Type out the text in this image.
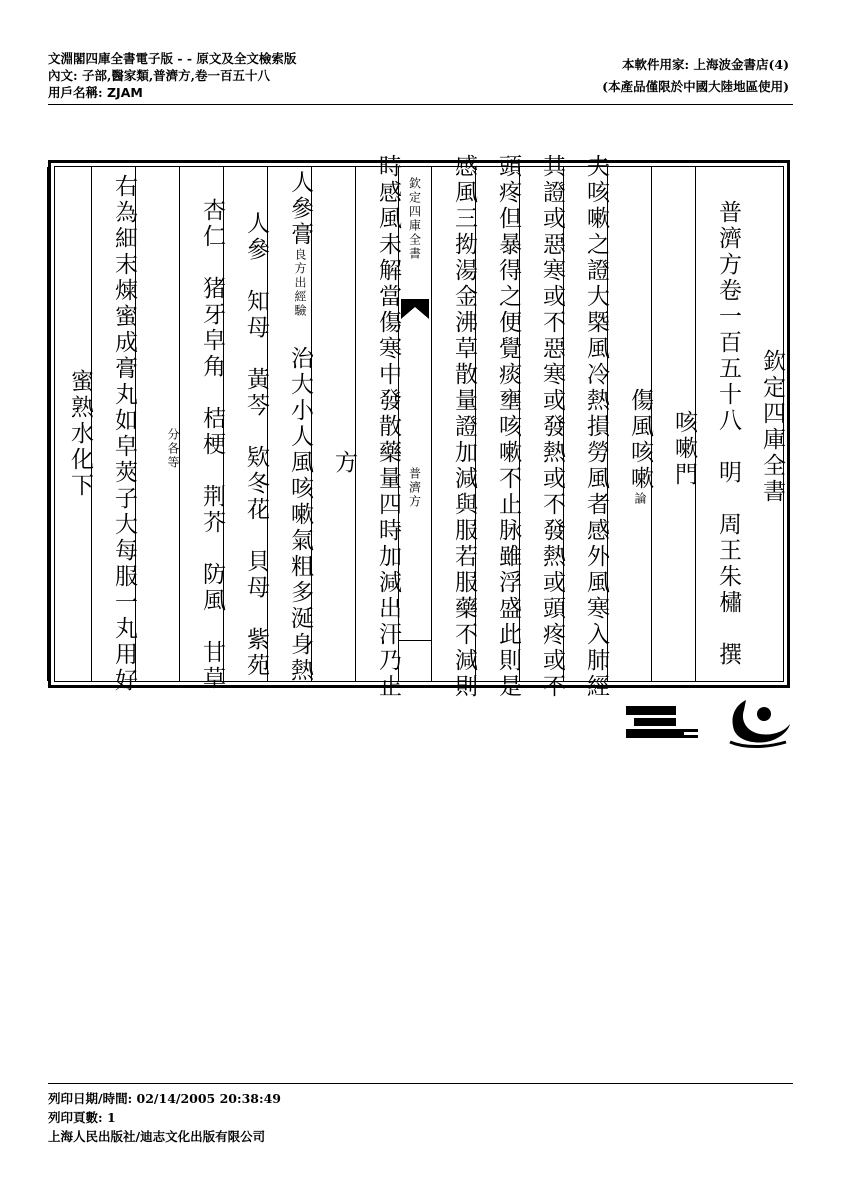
文淵閣四庫全書電子版 - - 原文及全文檢索版
內文: 子部,醫家類,普濟方,卷一百五十八
用戶名稱: ZJAM
本軟件用家: 上海波金書店(4)
(本產品僅限於中國大陸地區使用)
欽定四庫全書
普濟方卷一百五十八　明　周王朱橚　撰
咳嗽門
傷風咳嗽論
夫咳嗽之證大槩風冷熱損勞風者感外風寒入肺經
其證或惡寒或不惡寒或發熱或不發熱或頭疼或不
頭疼但暴得之便覺痰壅咳嗽不止脉雖浮盛此則是
感風三拗湯金沸草散量證加減與服若服藥不減則
欽定四庫全書
普濟方
時感風未解當傷寒中發散藥量四時加減出汗乃止
方
人參膏
出經
良方
驗 治大小人風咳嗽氣粗多涎身熱
人參　知母　黃芩　欵冬花　貝母　紫苑
杏仁　猪牙皁角　桔梗　荆芥　防風　甘草
各等
分
右為細末煉蜜成膏丸如皁莢子大每服一丸用好
蜜熟水化下
列印日期/時間: 02/14/2005 20:38:49
列印頁數: 1
上海人民出版社/迪志文化出版有限公司
